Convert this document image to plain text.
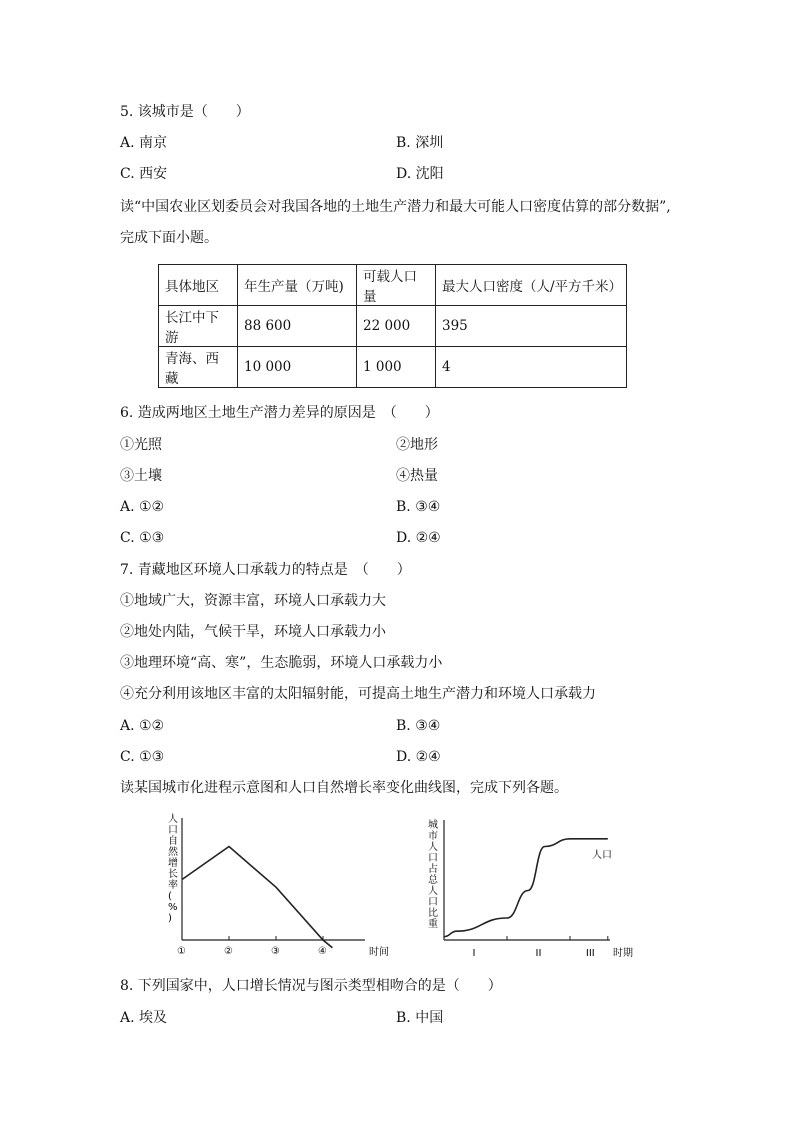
5. 该城市是（　　）
A. 南京	B. 深圳
C. 西安	D. 沈阳
读“中国农业区划委员会对我国各地的土地生产潜力和最大可能人口密度估算的部分数据”,
完成下面小题。
具体地区	年生产量（万吨)	可载人口量	最大人口密度（人/平方千米）
长江中下游	88 600	22 000	395
青海、西藏	10 000	1 000	4
6. 造成两地区土地生产潜力差异的原因是　（　　）
①光照	②地形
③土壤	④热量
A. ①②	B. ③④
C. ①③	D. ②④
7. 青藏地区环境人口承载力的特点是　（　　）
①地域广大，资源丰富，环境人口承载力大
②地处内陆，气候干旱，环境人口承载力小
③地理环境“高、寒”，生态脆弱，环境人口承载力小
④充分利用该地区丰富的太阳辐射能，可提高土地生产潜力和环境人口承载力
A. ①②	B. ③④
C. ①③	D. ②④
读某国城市化进程示意图和人口自然增长率变化曲线图，完成下列各题。
①	②	③	④
人口自然增长率( % )
时间	I	II	III
城市人口占总人口比重
人口
时期
8. 下列国家中，人口增长情况与图示类型相吻合的是（　　）
A. 埃及	B. 中国
